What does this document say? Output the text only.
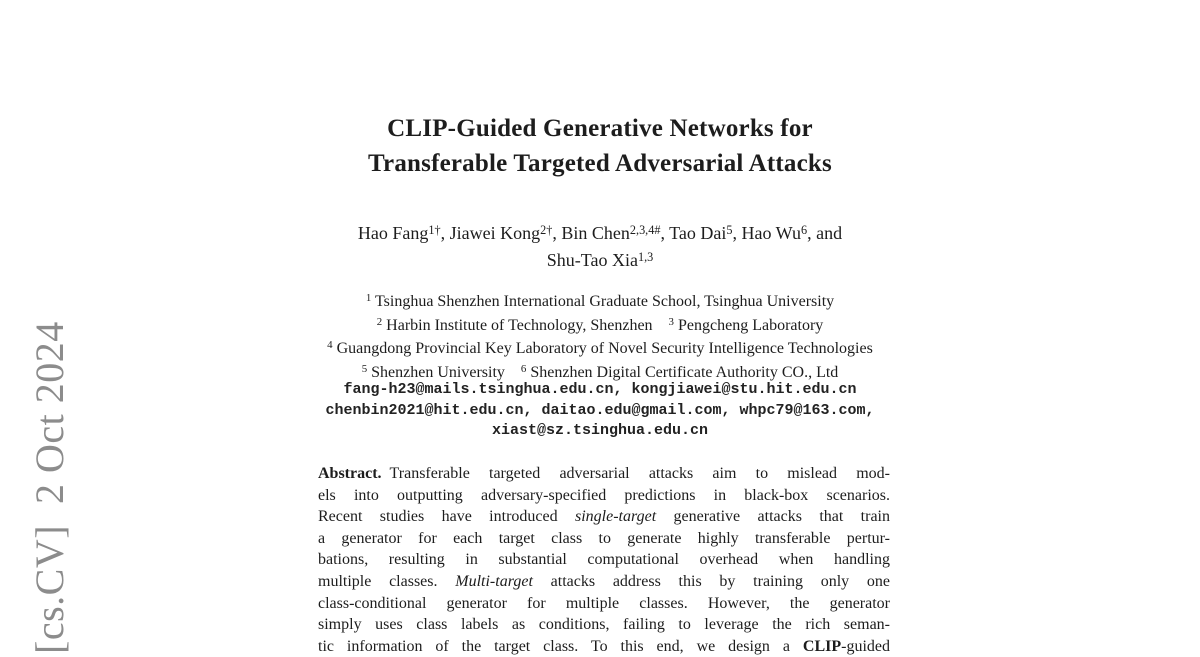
[cs.CV]  2 Oct 2024
CLIP-Guided Generative Networks for
Transferable Targeted Adversarial Attacks
Hao Fang$^{1\dagger}$, Jiawei Kong$^{2\dagger}$, Bin Chen$^{2,3,4\#}$, Tao Dai$^5$, Hao Wu$^6$, and
Shu-Tao Xia$^{1,3}$
$^1$ Tsinghua Shenzhen International Graduate School, Tsinghua University
$^2$ Harbin Institute of Technology, Shenzhen   $^3$ Pengcheng Laboratory
$^4$ Guangdong Provincial Key Laboratory of Novel Security Intelligence Technologies
$^5$ Shenzhen University   $^6$ Shenzhen Digital Certificate Authority CO., Ltd
fang-h23@mails.tsinghua.edu.cn, kongjiawei@stu.hit.edu.cn
chenbin2021@hit.edu.cn, daitao.edu@gmail.com, whpc79@163.com,
xiast@sz.tsinghua.edu.cn
Abstract. Transferable targeted adversarial attacks aim to mislead mod-
els into outputting adversary-specified predictions in black-box scenarios.
Recent studies have introduced single-target generative attacks that train
a generator for each target class to generate highly transferable pertur-
bations, resulting in substantial computational overhead when handling
multiple classes. Multi-target attacks address this by training only one
class-conditional generator for multiple classes. However, the generator
simply uses class labels as conditions, failing to leverage the rich seman-
tic information of the target class. To this end, we design a CLIP-guided
